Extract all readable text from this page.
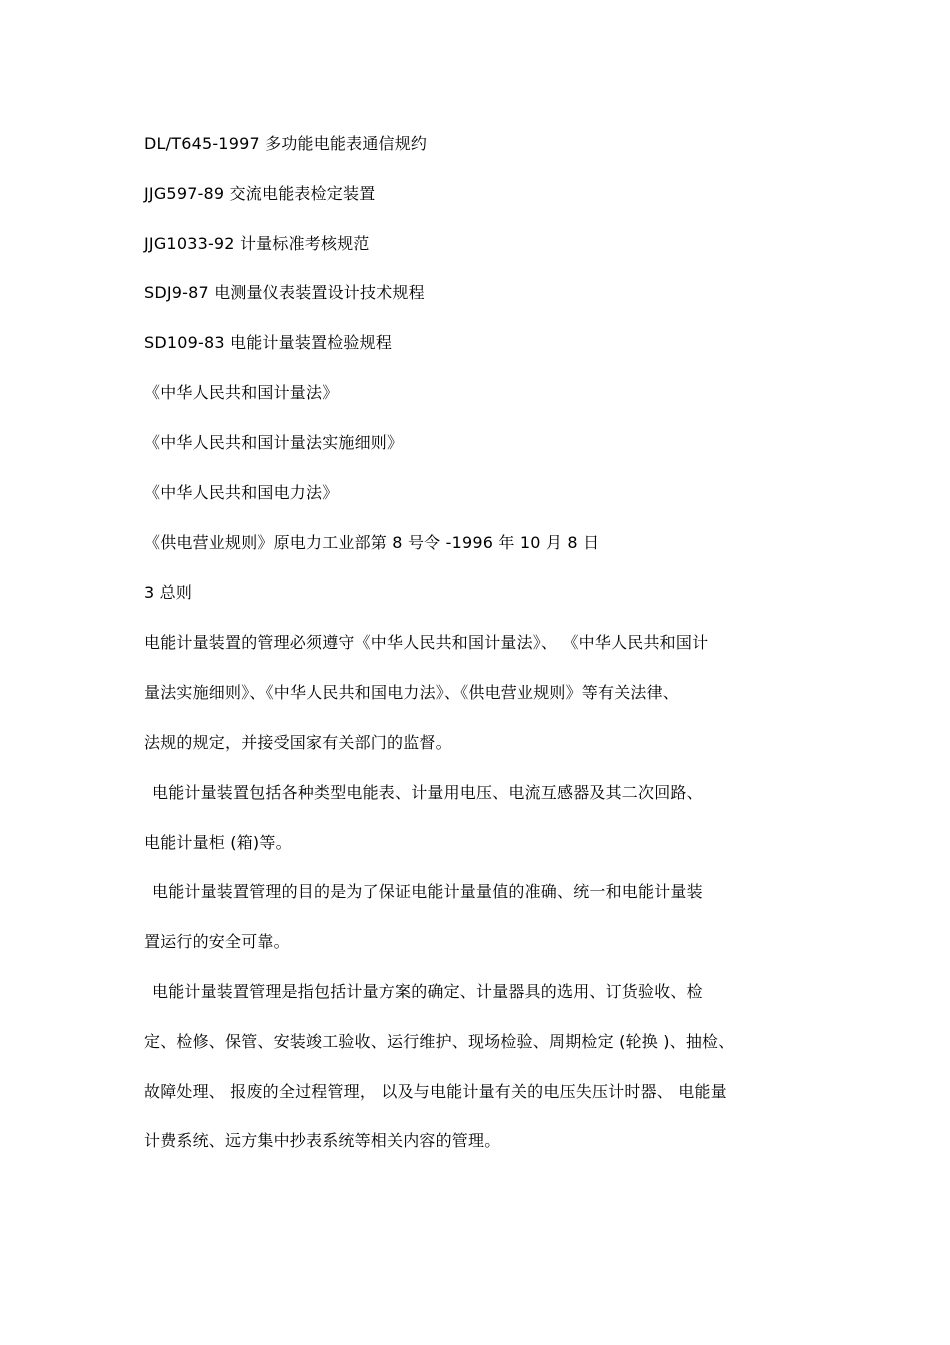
DL/T645-1997 多功能电能表通信规约
JJG597-89 交流电能表检定装置
JJG1033-92 计量标准考核规范
SDJ9-87 电测量仪表装置设计技术规程
SD109-83 电能计量装置检验规程
《中华人民共和国计量法》
《中华人民共和国计量法实施细则》
《中华人民共和国电力法》
《供电营业规则》原电力工业部第 8 号令 -1996 年 10 月 8 日
3 总则
电能计量装置的管理必须遵守《中华人民共和国计量法》、 《中华人民共和国计
量法实施细则》、《中华人民共和国电力法》、《供电营业规则》等有关法律、
法规的规定，并接受国家有关部门的监督。
电能计量装置包括各种类型电能表、计量用电压、电流互感器及其二次回路、
电能计量柜 (箱)等。
电能计量装置管理的目的是为了保证电能计量量值的准确、统一和电能计量装
置运行的安全可靠。
电能计量装置管理是指包括计量方案的确定、计量器具的选用、订货验收、检
定、检修、保管、安装竣工验收、运行维护、现场检验、周期检定 (轮换 )、抽检、
故障处理、 报废的全过程管理， 以及与电能计量有关的电压失压计时器、 电能量
计费系统、远方集中抄表系统等相关内容的管理。
